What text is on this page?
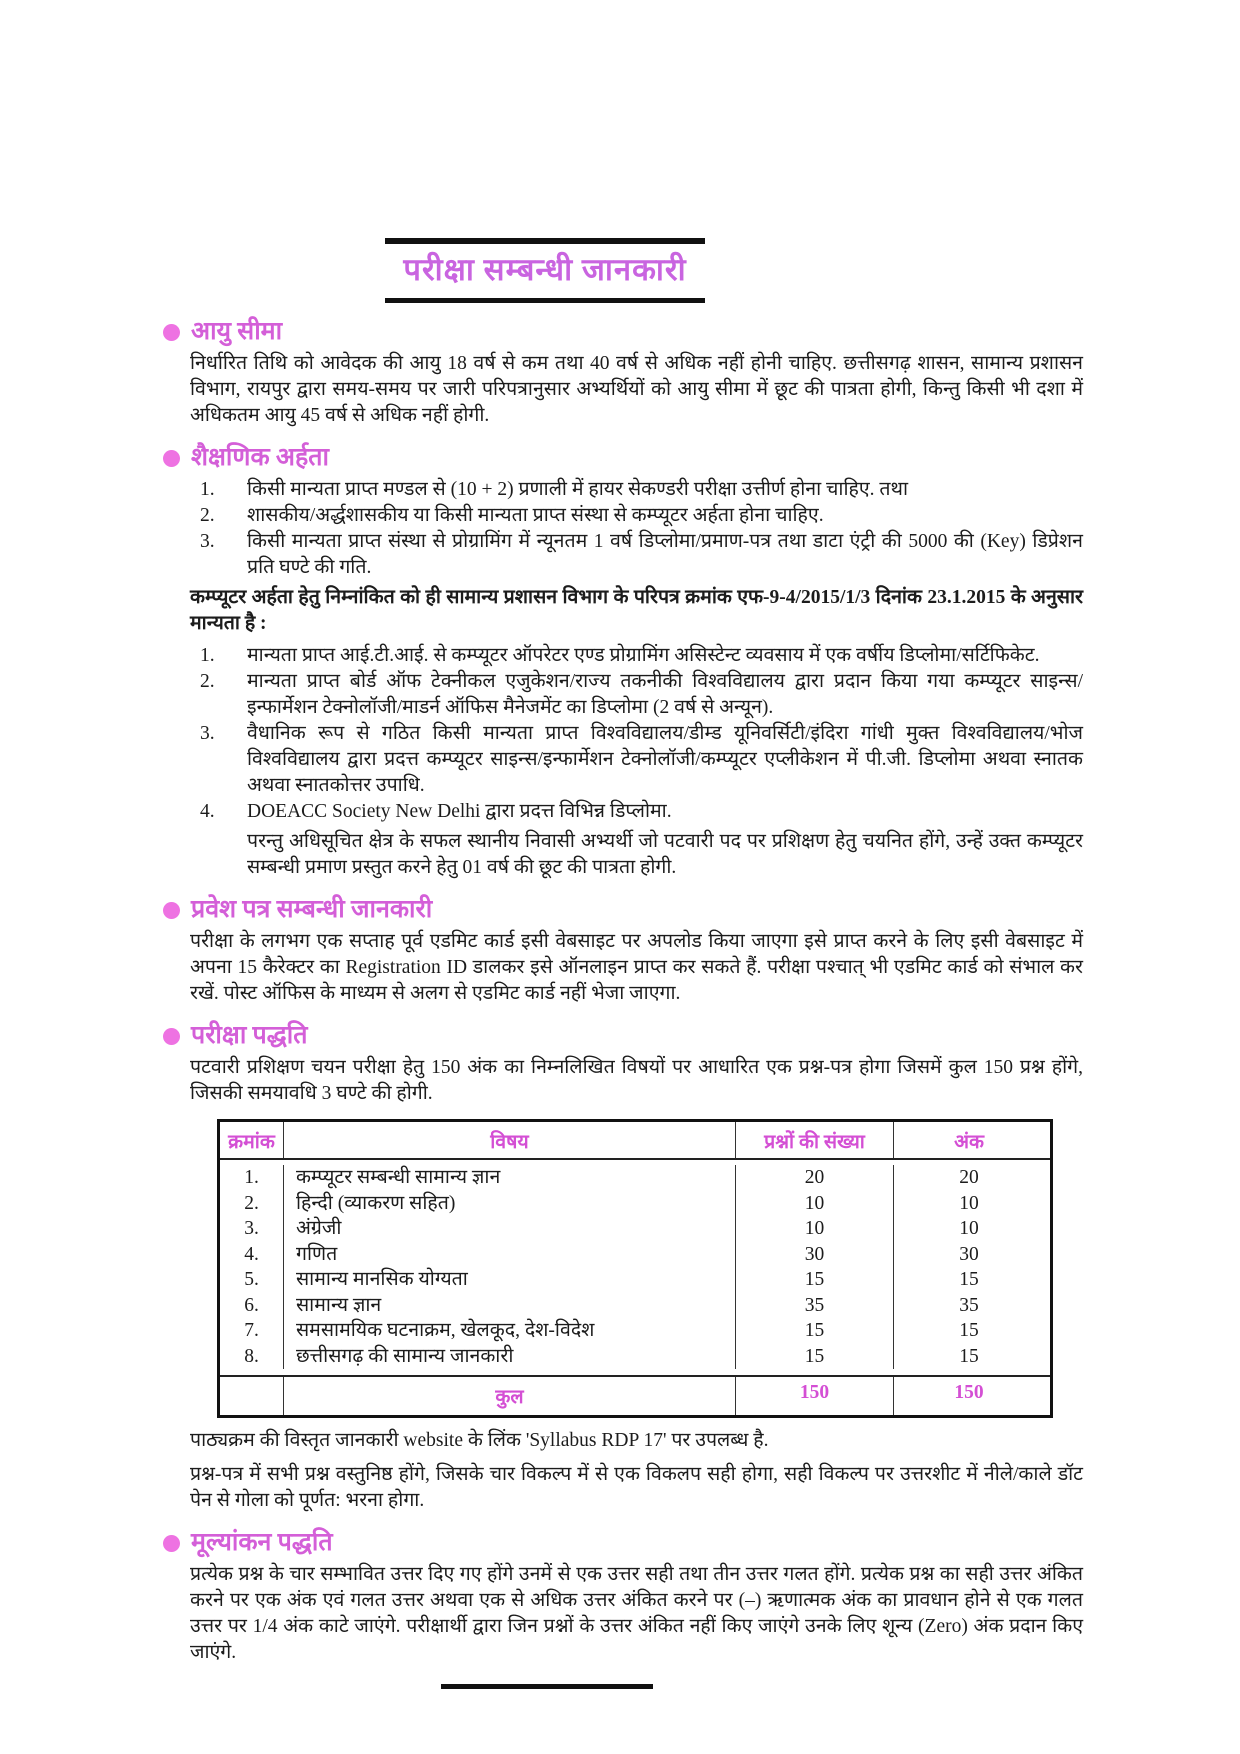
परीक्षा सम्बन्धी जानकारी
आयु सीमा
निर्धारित तिथि को आवेदक की आयु 18 वर्ष से कम तथा 40 वर्ष से अधिक नहीं होनी चाहिए. छत्तीसगढ़ शासन, सामान्य प्रशासन विभाग, रायपुर द्वारा समय-समय पर जारी परिपत्रानुसार अभ्यर्थियों को आयु सीमा में छूट की पात्रता होगी, किन्तु किसी भी दशा में अधिकतम आयु 45 वर्ष से अधिक नहीं होगी.
शैक्षणिक अर्हता
1.	किसी मान्यता प्राप्त मण्डल से (10 + 2) प्रणाली में हायर सेकण्डरी परीक्षा उत्तीर्ण होना चाहिए. तथा
2.	शासकीय/अर्द्धशासकीय या किसी मान्यता प्राप्त संस्था से कम्प्यूटर अर्हता होना चाहिए.
3.	किसी मान्यता प्राप्त संस्था से प्रोग्रामिंग में न्यूनतम 1 वर्ष डिप्लोमा/प्रमाण-पत्र तथा डाटा एंट्री की 5000 की (Key) डिप्रेशन प्रति घण्टे की गति.
कम्प्यूटर अर्हता हेतु निम्नांकित को ही सामान्य प्रशासन विभाग के परिपत्र क्रमांक एफ-9-4/2015/1/3 दिनांक 23.1.2015 के अनुसार मान्यता है :
1.	मान्यता प्राप्त आई.टी.आई. से कम्प्यूटर ऑपरेटर एण्ड प्रोग्रामिंग असिस्टेन्ट व्यवसाय में एक वर्षीय डिप्लोमा/सर्टिफिकेट.
2.	मान्यता प्राप्त बोर्ड ऑफ टेक्नीकल एजुकेशन/राज्य तकनीकी विश्वविद्यालय द्वारा प्रदान किया गया कम्प्यूटर साइन्स/इन्फार्मेशन टेक्नोलॉजी/माडर्न ऑफिस मैनेजमेंट का डिप्लोमा (2 वर्ष से अन्यून).
3.	वैधानिक रूप से गठित किसी मान्यता प्राप्त विश्वविद्यालय/डीम्ड यूनिवर्सिटी/इंदिरा गांधी मुक्त विश्वविद्यालय/भोज विश्वविद्यालय द्वारा प्रदत्त कम्प्यूटर साइन्स/इन्फार्मेशन टेक्नोलॉजी/कम्प्यूटर एप्लीकेशन में पी.जी. डिप्लोमा अथवा स्नातक अथवा स्नातकोत्तर उपाधि.
4.	DOEACC Society New Delhi द्वारा प्रदत्त विभिन्न डिप्लोमा.
परन्तु अधिसूचित क्षेत्र के सफल स्थानीय निवासी अभ्यर्थी जो पटवारी पद पर प्रशिक्षण हेतु चयनित होंगे, उन्हें उक्त कम्प्यूटर सम्बन्धी प्रमाण प्रस्तुत करने हेतु 01 वर्ष की छूट की पात्रता होगी.
प्रवेश पत्र सम्बन्धी जानकारी
परीक्षा के लगभग एक सप्ताह पूर्व एडमिट कार्ड इसी वेबसाइट पर अपलोड किया जाएगा इसे प्राप्त करने के लिए इसी वेबसाइट में अपना 15 कैरेक्टर का Registration ID डालकर इसे ऑनलाइन प्राप्त कर सकते हैं. परीक्षा पश्चात् भी एडमिट कार्ड को संभाल कर रखें. पोस्ट ऑफिस के माध्यम से अलग से एडमिट कार्ड नहीं भेजा जाएगा.
परीक्षा पद्धति
पटवारी प्रशिक्षण चयन परीक्षा हेतु 150 अंक का निम्नलिखित विषयों पर आधारित एक प्रश्न-पत्र होगा जिसमें कुल 150 प्रश्न होंगे, जिसकी समयावधि 3 घण्टे की होगी.
क्रमांक	विषय	प्रश्नों की संख्या	अंक
1.	कम्प्यूटर सम्बन्धी सामान्य ज्ञान	20	20
2.	हिन्दी (व्याकरण सहित)	10	10
3.	अंग्रेजी	10	10
4.	गणित	30	30
5.	सामान्य मानसिक योग्यता	15	15
6.	सामान्य ज्ञान	35	35
7.	समसामयिक घटनाक्रम, खेलकूद, देश-विदेश	15	15
8.	छत्तीसगढ़ की सामान्य जानकारी	15	15
कुल	150	150
पाठ्यक्रम की विस्तृत जानकारी website के लिंक 'Syllabus RDP 17' पर उपलब्ध है.
प्रश्न-पत्र में सभी प्रश्न वस्तुनिष्ठ होंगे, जिसके चार विकल्प में से एक विकलप सही होगा, सही विकल्प पर उत्तरशीट में नीले/काले डॉट पेन से गोला को पूर्णत: भरना होगा.
मूल्यांकन पद्धति
प्रत्येक प्रश्न के चार सम्भावित उत्तर दिए गए होंगे उनमें से एक उत्तर सही तथा तीन उत्तर गलत होंगे. प्रत्येक प्रश्न का सही उत्तर अंकित करने पर एक अंक एवं गलत उत्तर अथवा एक से अधिक उत्तर अंकित करने पर (–) ऋणात्मक अंक का प्रावधान होने से एक गलत उत्तर पर 1/4 अंक काटे जाएंगे. परीक्षार्थी द्वारा जिन प्रश्नों के उत्तर अंकित नहीं किए जाएंगे उनके लिए शून्य (Zero) अंक प्रदान किए जाएंगे.
